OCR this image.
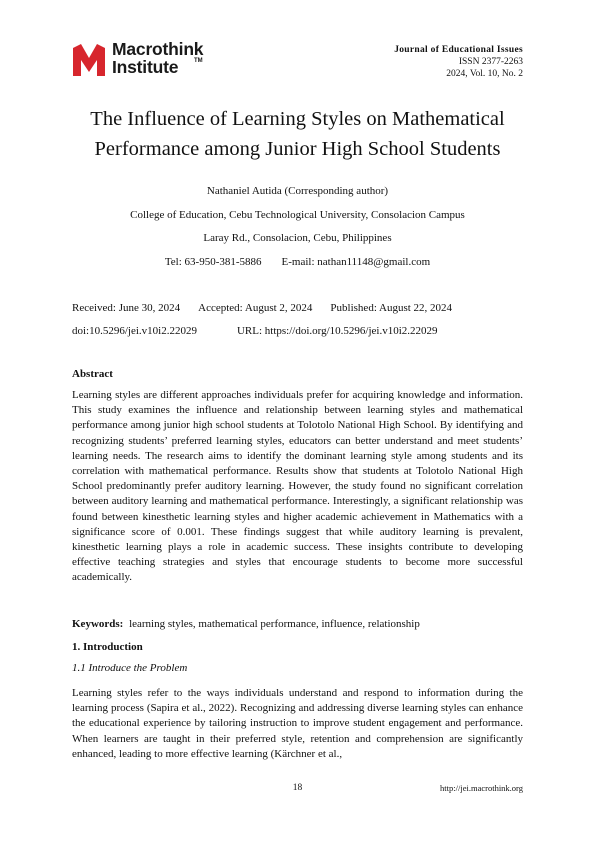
Macrothink
Institute	TM
Journal of Educational Issues
ISSN 2377-2263
2024, Vol. 10, No. 2
The Influence of Learning Styles on Mathematical Performance among Junior High School Students
Nathaniel Autida (Corresponding author)
College of Education, Cebu Technological University, Consolacion Campus
Laray Rd., Consolacion, Cebu, Philippines
Tel: 63-950-381-5886 E-mail: nathan11148@gmail.com
Received: June 30, 2024 Accepted: August 2, 2024 Published: August 22, 2024
doi:10.5296/jei.v10i2.22029	URL: https://doi.org/10.5296/jei.v10i2.22029
Abstract

Learning styles are different approaches individuals prefer for acquiring knowledge and information. This study examines the influence and relationship between learning styles and mathematical performance among junior high school students at Tolotolo National High School. By identifying and recognizing students’ preferred learning styles, educators can better understand and meet students’ learning needs. The research aims to identify the dominant learning style among students and its correlation with mathematical performance. Results show that students at Tolotolo National High School predominantly prefer auditory learning. However, the study found no significant correlation between auditory learning and mathematical performance. Interestingly, a significant relationship was found between kinesthetic learning styles and higher academic achievement in Mathematics with a significance score of 0.001. These findings suggest that while auditory learning is prevalent, kinesthetic learning plays a role in academic success. These insights contribute to developing effective teaching strategies and styles that encourage students to become more successful academically.

Keywords: learning styles, mathematical performance, influence, relationship
1. Introduction
1.1 Introduce the Problem

Learning styles refer to the ways individuals understand and respond to information during the learning process (Sapira et al., 2022). Recognizing and addressing diverse learning styles can enhance the educational experience by tailoring instruction to improve student engagement and performance. When learners are taught in their preferred style, retention and comprehension are significantly enhanced, leading to more effective learning (Kärchner et al.,

18	http://jei.macrothink.org
